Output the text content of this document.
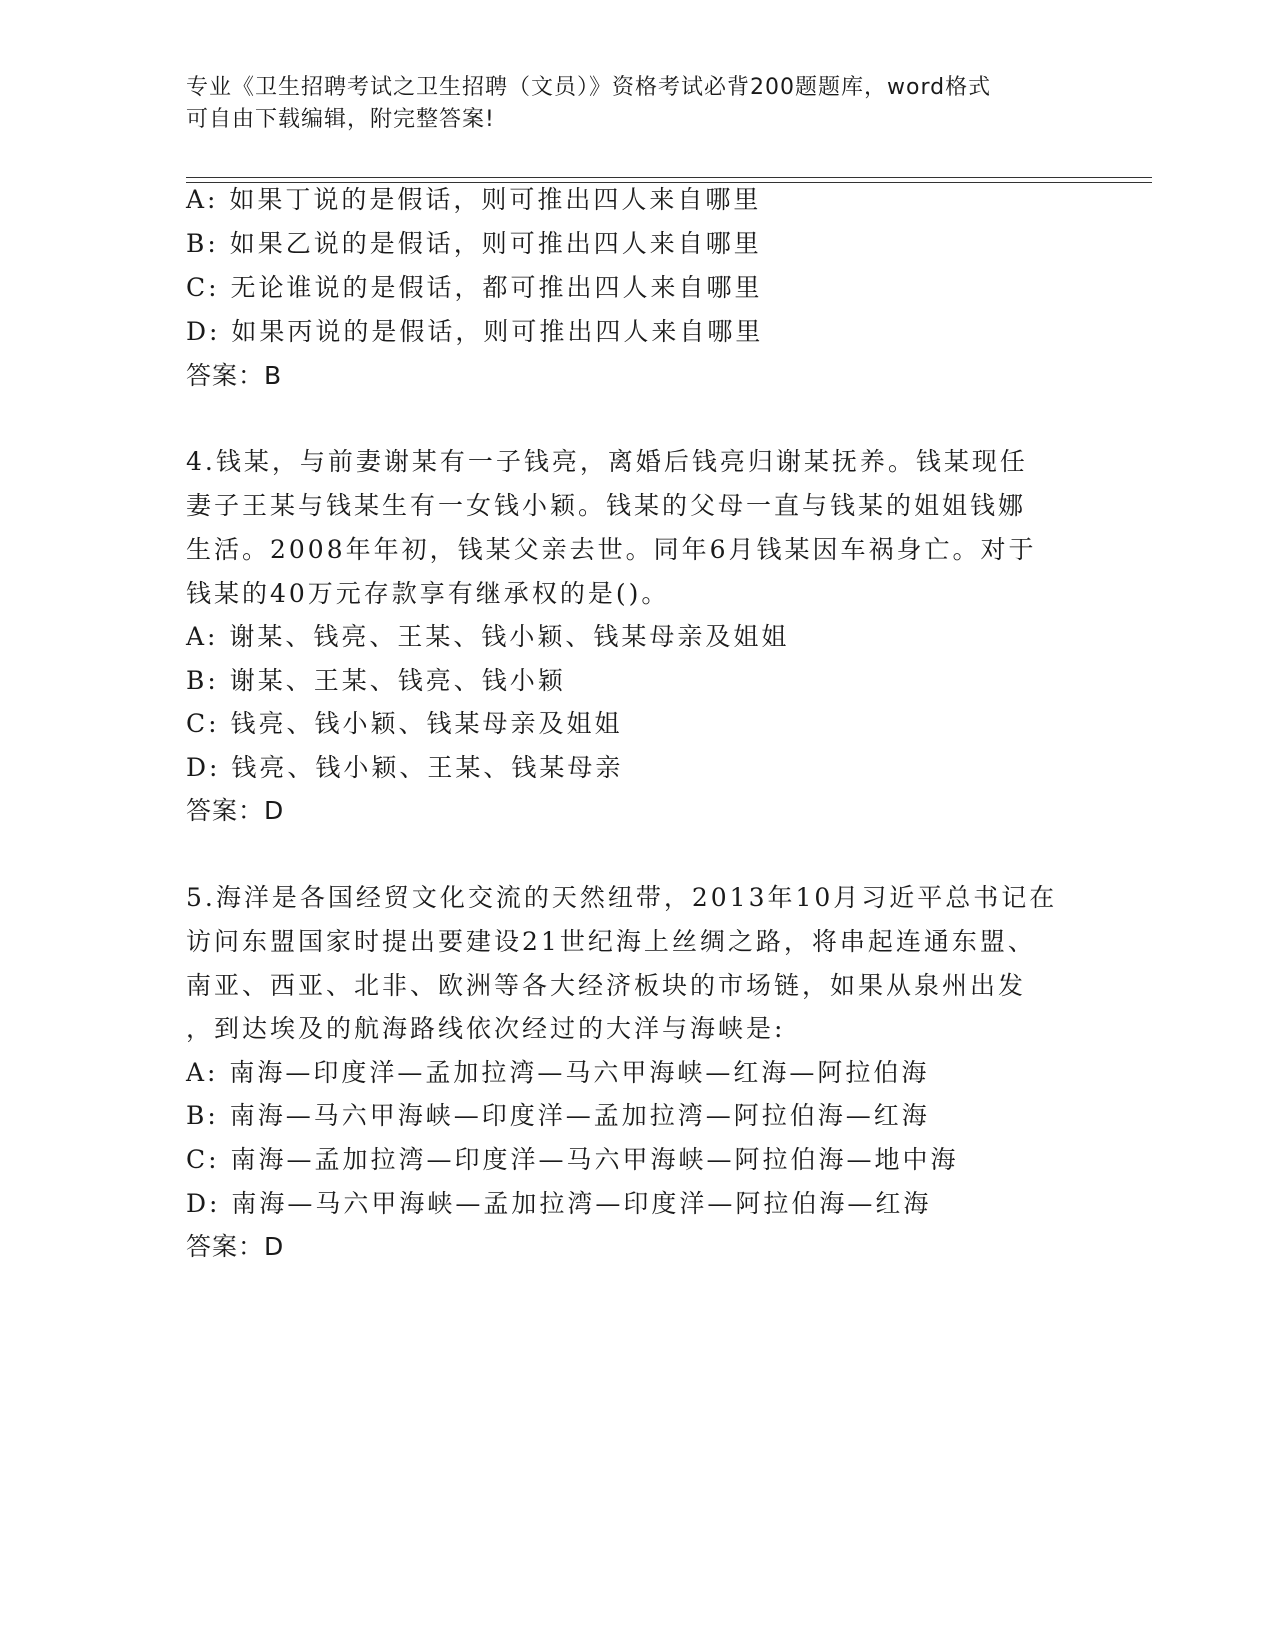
专业《卫生招聘考试之卫生招聘（文员）》资格考试必背200题题库，word格式
可自由下载编辑，附完整答案!
A: 如果丁说的是假话，则可推出四人来自哪里
B: 如果乙说的是假话，则可推出四人来自哪里
C: 无论谁说的是假话，都可推出四人来自哪里
D: 如果丙说的是假话，则可推出四人来自哪里
答案：B
4.钱某，与前妻谢某有一子钱亮，离婚后钱亮归谢某抚养。钱某现任
妻子王某与钱某生有一女钱小颖。钱某的父母一直与钱某的姐姐钱娜
生活。2008年年初，钱某父亲去世。同年6月钱某因车祸身亡。对于
钱某的40万元存款享有继承权的是()。
A: 谢某、钱亮、王某、钱小颖、钱某母亲及姐姐
B: 谢某、王某、钱亮、钱小颖
C: 钱亮、钱小颖、钱某母亲及姐姐
D: 钱亮、钱小颖、王某、钱某母亲
答案：D
5.海洋是各国经贸文化交流的天然纽带，2013年10月习近平总书记在
访问东盟国家时提出要建设21世纪海上丝绸之路，将串起连通东盟、
南亚、西亚、北非、欧洲等各大经济板块的市场链，如果从泉州出发
，到达埃及的航海路线依次经过的大洋与海峡是:
A: 南海—印度洋—孟加拉湾—马六甲海峡—红海—阿拉伯海
B: 南海—马六甲海峡—印度洋—孟加拉湾—阿拉伯海—红海
C: 南海—孟加拉湾—印度洋—马六甲海峡—阿拉伯海—地中海
D: 南海—马六甲海峡—孟加拉湾—印度洋—阿拉伯海—红海
答案：D
